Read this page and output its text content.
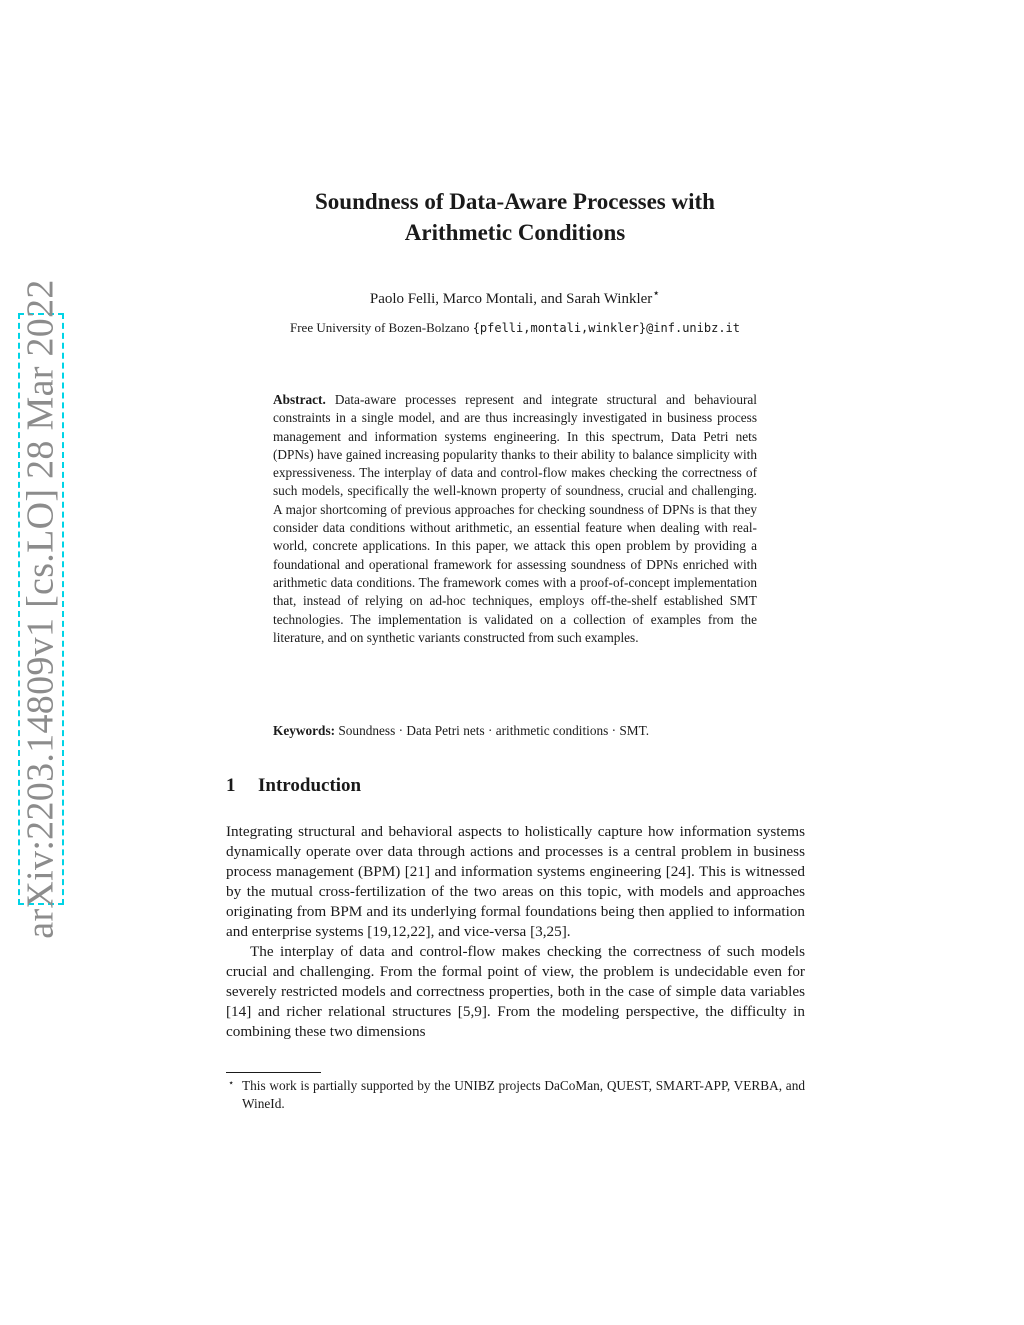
arXiv:2203.14809v1 [cs.LO] 28 Mar 2022
Soundness of Data-Aware Processes with
Arithmetic Conditions
Paolo Felli, Marco Montali, and Sarah Winkler⋆
Free University of Bozen-Bolzano {pfelli,montali,winkler}@inf.unibz.it

Abstract. Data-aware processes represent and integrate structural and behavioural constraints in a single model, and are thus increasingly investigated in business process management and information systems engineering. In this spectrum, Data Petri nets (DPNs) have gained increasing popularity thanks to their ability to balance simplicity with expressiveness. The interplay of data and control-flow makes checking the correctness of such models, specifically the well-known property of soundness, crucial and challenging. A major shortcoming of previous approaches for checking soundness of DPNs is that they consider data conditions without arithmetic, an essential feature when dealing with real-world, concrete applications. In this paper, we attack this open problem by providing a foundational and operational framework for assessing soundness of DPNs enriched with arithmetic data conditions. The framework comes with a proof-of-concept implementation that, instead of relying on ad-hoc techniques, employs off-the-shelf established SMT technologies. The implementation is validated on a collection of examples from the literature, and on synthetic variants constructed from such examples.

Keywords: Soundness · Data Petri nets · arithmetic conditions · SMT.

1 Introduction

Integrating structural and behavioral aspects to holistically capture how information systems dynamically operate over data through actions and processes is a central problem in business process management (BPM) [21] and information systems engineering [24]. This is witnessed by the mutual cross-fertilization of the two areas on this topic, with models and approaches originating from BPM and its underlying formal foundations being then applied to information and enterprise systems [19,12,22], and vice-versa [3,25].

The interplay of data and control-flow makes checking the correctness of such models crucial and challenging. From the formal point of view, the problem is undecidable even for severely restricted models and correctness properties, both in the case of simple data variables [14] and richer relational structures [5,9]. From the modeling perspective, the difficulty in combining these two dimensions

⋆ This work is partially supported by the UNIBZ projects DaCoMan, QUEST, SMART-APP, VERBA, and WineId.
